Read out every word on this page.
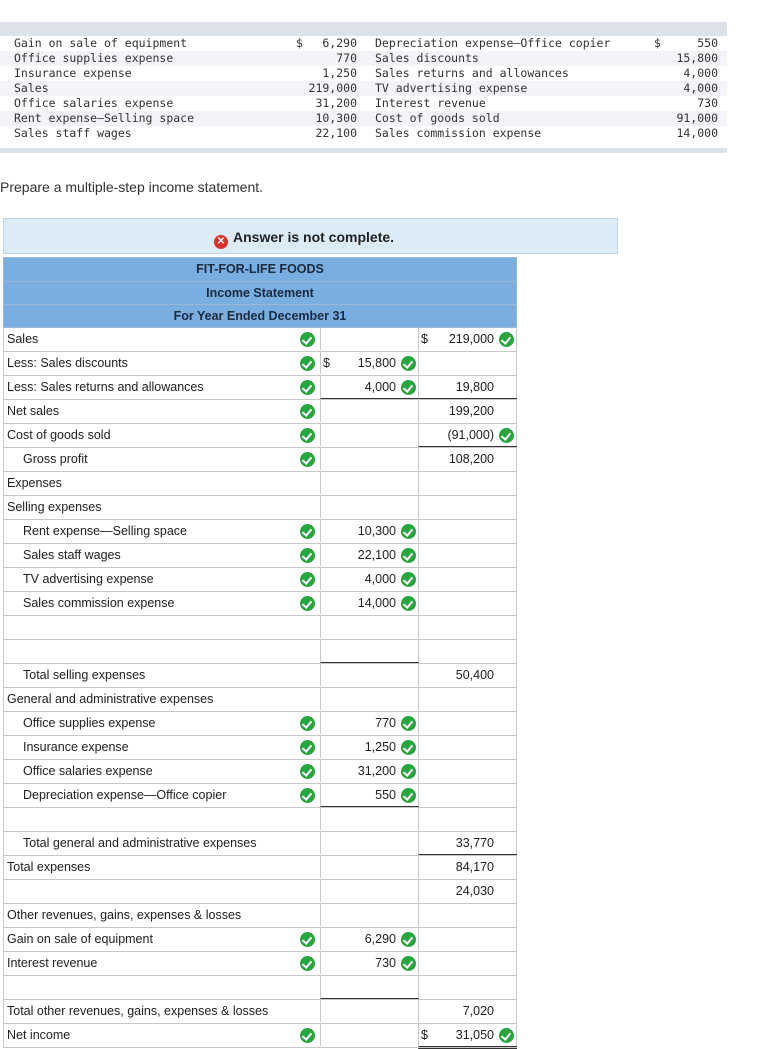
Gain on sale of equipment	$ 6,290 Depreciation expense—Office copier	$	550
Office supplies expense	770 Sales discounts	15,800
Insurance expense	1,250 Sales returns and allowances	4,000
Sales	219,000 TV advertising expense	4,000
Office salaries expense	31,200 Interest revenue	730
Rent expense—Selling space	10,300 Cost of goods sold	91,000
Sales staff wages	22,100 Sales commission expense	14,000
Prepare a multiple-step income statement.
✕ Answer is not complete.
FIT-FOR-LIFE FOODS
Income Statement
For Year Ended December 31
Sales	$ 219,000
Less: Sales discounts	$ 15,800
Less: Sales returns and allowances	4,000	19,800
Net sales	199,200
Cost of goods sold	(91,000)
Gross profit	108,200
Expenses
Selling expenses
Rent expense—Selling space	10,300
Sales staff wages	22,100
TV advertising expense	4,000
Sales commission expense	14,000
Total selling expenses	50,400
General and administrative expenses
Office supplies expense	770
Insurance expense	1,250
Office salaries expense	31,200
Depreciation expense—Office copier	550
Total general and administrative expenses	33,770
Total expenses	84,170
24,030
Other revenues, gains, expenses & losses
Gain on sale of equipment	6,290
Interest revenue	730
Total other revenues, gains, expenses & losses	7,020
Net income	$ 31,050
